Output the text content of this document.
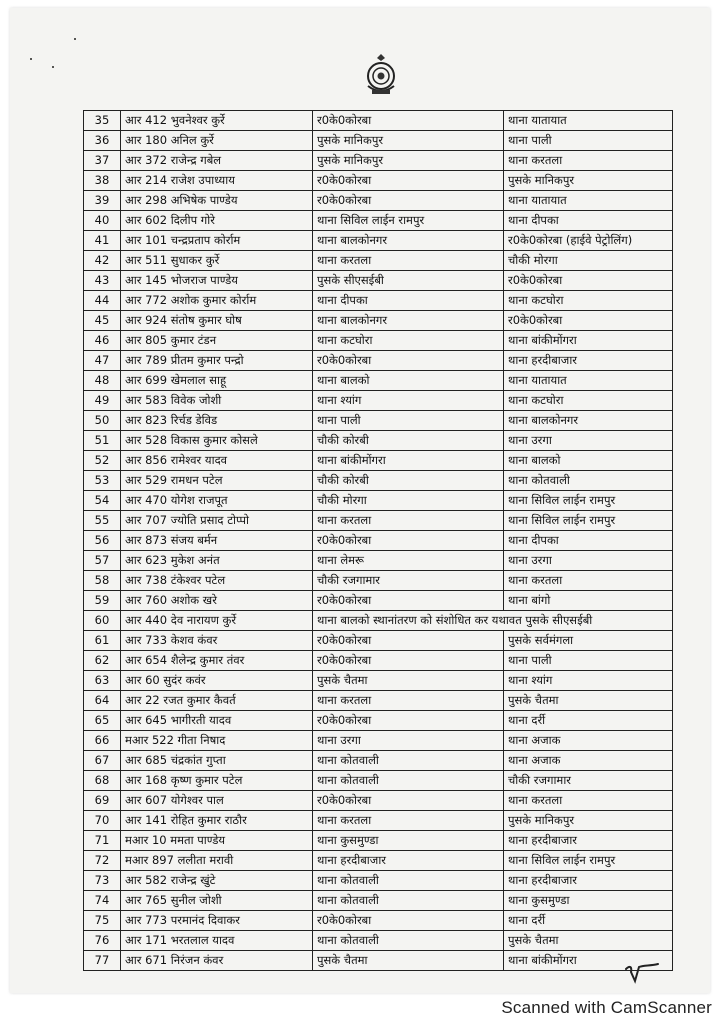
35	आर 412 भुवनेश्वर कुर्रे	र0के0कोरबा	थाना यातायात
36	आर 180 अनिल कुर्रे	पुसके मानिकपुर	थाना पाली
37	आर 372 राजेन्द्र गबेल	पुसके मानिकपुर	थाना करतला
38	आर 214 राजेश उपाध्याय	र0के0कोरबा	पुसके मानिकपुर
39	आर 298 अभिषेक पाण्डेय	र0के0कोरबा	थाना यातायात
40	आर 602 दिलीप गोरे	थाना सिविल लाईन रामपुर	थाना दीपका
41	आर 101 चन्द्रप्रताप कोर्राम	थाना बालकोनगर	र0के0कोरबा (हाईवे पेट्रोलिंग)
42	आर 511 सुधाकर कुर्रे	थाना करतला	चौकी मोरगा
43	आर 145 भोजराज पाण्डेय	पुसके सीएसईबी	र0के0कोरबा
44	आर 772 अशोक कुमार कोर्राम	थाना दीपका	थाना कटघोरा
45	आर 924 संतोष कुमार घोष	थाना बालकोनगर	र0के0कोरबा
46	आर 805 कुमार टंडन	थाना कटघोरा	थाना बांकीमोंगरा
47	आर 789 प्रीतम कुमार पन्द्रो	र0के0कोरबा	थाना हरदीबाजार
48	आर 699 खेमलाल साहू	थाना बालको	थाना यातायात
49	आर 583 विवेक जोशी	थाना श्यांग	थाना कटघोरा
50	आर 823 रिर्चड डेविड	थाना पाली	थाना बालकोनगर
51	आर 528 विकास कुमार कोसले	चौकी कोरबी	थाना उरगा
52	आर 856 रामेश्वर यादव	थाना बांकीमोंगरा	थाना बालको
53	आर 529 रामधन पटेल	चौकी कोरबी	थाना कोतवाली
54	आर 470 योगेश राजपूत	चौकी मोरगा	थाना सिविल लाईन रामपुर
55	आर 707 ज्योति प्रसाद टोप्पो	थाना करतला	थाना सिविल लाईन रामपुर
56	आर 873 संजय बर्मन	र0के0कोरबा	थाना दीपका
57	आर 623 मुकेश अनंत	थाना लेमरू	थाना उरगा
58	आर 738 टंकेश्वर पटेल	चौकी रजगामार	थाना करतला
59	आर 760 अशोक खरे	र0के0कोरबा	थाना बांगो
60	आर 440 देव नारायण कुर्रे	थाना बालको स्थानांतरण को संशोधित कर यथावत पुसके सीएसईबी	
61	आर 733 केशव कंवर	र0के0कोरबा	पुसके सर्वमंगला
62	आर 654 शैलेन्द्र कुमार तंवर	र0के0कोरबा	थाना पाली
63	आर 60 सुदंर कवंर	पुसके चैतमा	थाना श्यांग
64	आर 22 रजत कुमार कैवर्त	थाना करतला	पुसके चैतमा
65	आर 645 भागीरती यादव	र0के0कोरबा	थाना दर्री
66	मआर 522 गीता निषाद	थाना उरगा	थाना अजाक
67	आर 685 चंद्रकांत गुप्ता	थाना कोतवाली	थाना अजाक
68	आर 168 कृष्ण कुमार पटेल	थाना कोतवाली	चौकी रजगामार
69	आर 607 योगेश्वर पाल	र0के0कोरबा	थाना करतला
70	आर 141 रोहित कुमार राठौर	थाना करतला	पुसके मानिकपुर
71	मआर 10 ममता पाण्डेय	थाना कुसमुण्डा	थाना हरदीबाजार
72	मआर 897 ललीता मरावी	थाना हरदीबाजार	थाना सिविल लाईन रामपुर
73	आर 582 राजेन्द्र खुंटे	थाना कोतवाली	थाना हरदीबाजार
74	आर 765 सुनील जोशी	थाना कोतवाली	थाना कुसमुण्डा
75	आर 773 परमानंद दिवाकर	र0के0कोरबा	थाना दर्री
76	आर 171 भरतलाल यादव	थाना कोतवाली	पुसके चैतमा
77	आर 671 निरंजन कंवर	पुसके चैतमा	थाना बांकीमोंगरा
Scanned with CamScanner
